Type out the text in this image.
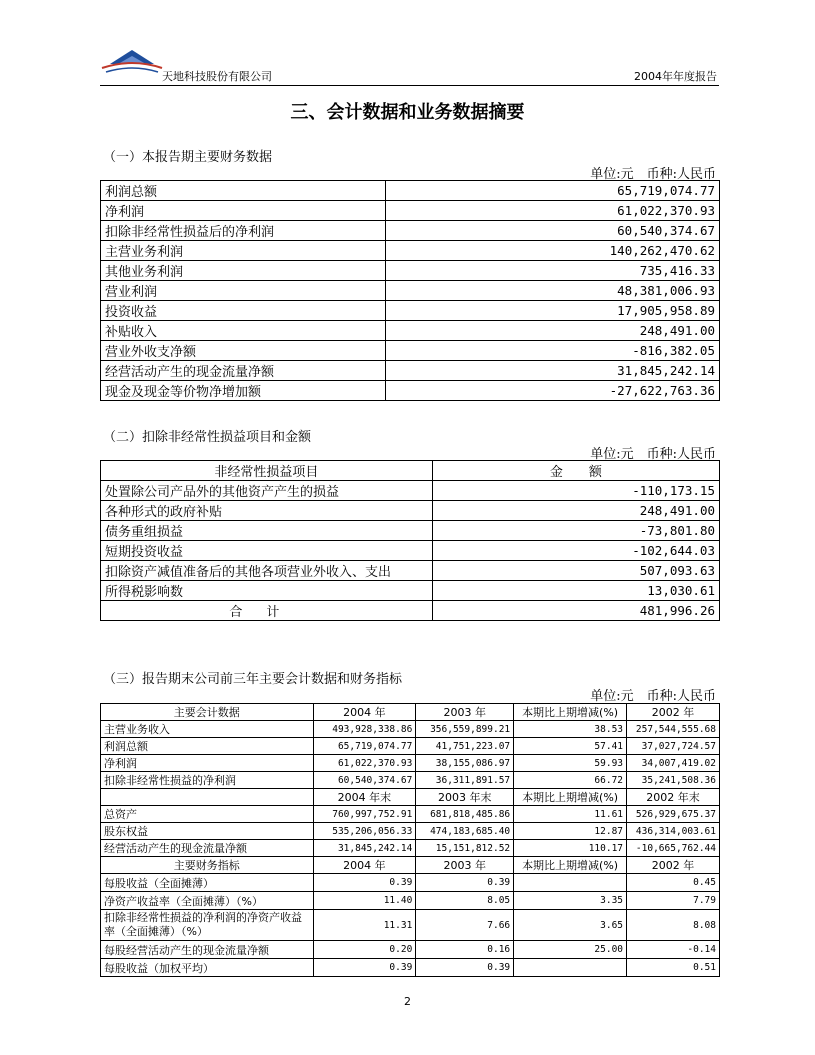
天地科技股份有限公司	2004年年度报告
三、会计数据和业务数据摘要
（一）本报告期主要财务数据
单位:元　币种:人民币
利润总额	65,719,074.77
净利润	61,022,370.93
扣除非经常性损益后的净利润	60,540,374.67
主营业务利润	140,262,470.62
其他业务利润	735,416.33
营业利润	48,381,006.93
投资收益	17,905,958.89
补贴收入	248,491.00
营业外收支净额	-816,382.05
经营活动产生的现金流量净额	31,845,242.14
现金及现金等价物净增加额	-27,622,763.36
（二）扣除非经常性损益项目和金额
单位:元　币种:人民币
非经常性损益项目	金　　额
处置除公司产品外的其他资产产生的损益	-110,173.15
各种形式的政府补贴	248,491.00
债务重组损益	-73,801.80
短期投资收益	-102,644.03
扣除资产减值准备后的其他各项营业外收入、支出	507,093.63
所得税影响数	13,030.61
合计	481,996.26
（三）报告期末公司前三年主要会计数据和财务指标
单位:元　币种:人民币
主要会计数据	2004 年	2003 年	本期比上期增减(%)	2002 年
主营业务收入	493,928,338.86	356,559,899.21	38.53	257,544,555.68
利润总额	65,719,074.77	41,751,223.07	57.41	37,027,724.57
净利润	61,022,370.93	38,155,086.97	59.93	34,007,419.02
扣除非经常性损益的净利润	60,540,374.67	36,311,891.57	66.72	35,241,508.36
	2004 年末	2003 年末	本期比上期增减(%)	2002 年末
总资产	760,997,752.91	681,818,485.86	11.61	526,929,675.37
股东权益	535,206,056.33	474,183,685.40	12.87	436,314,003.61
经营活动产生的现金流量净额	31,845,242.14	15,151,812.52	110.17	-10,665,762.44
主要财务指标	2004 年	2003 年	本期比上期增减(%)	2002 年
每股收益（全面摊薄）	0.39	0.39		0.45
净资产收益率（全面摊薄）（%）	11.40	8.05	3.35	7.79
扣除非经常性损益的净利润的净资产收益率（全面摊薄）（%）	11.31	7.66	3.65	8.08
每股经营活动产生的现金流量净额	0.20	0.16	25.00	-0.14
每股收益（加权平均）	0.39	0.39		0.51
2
